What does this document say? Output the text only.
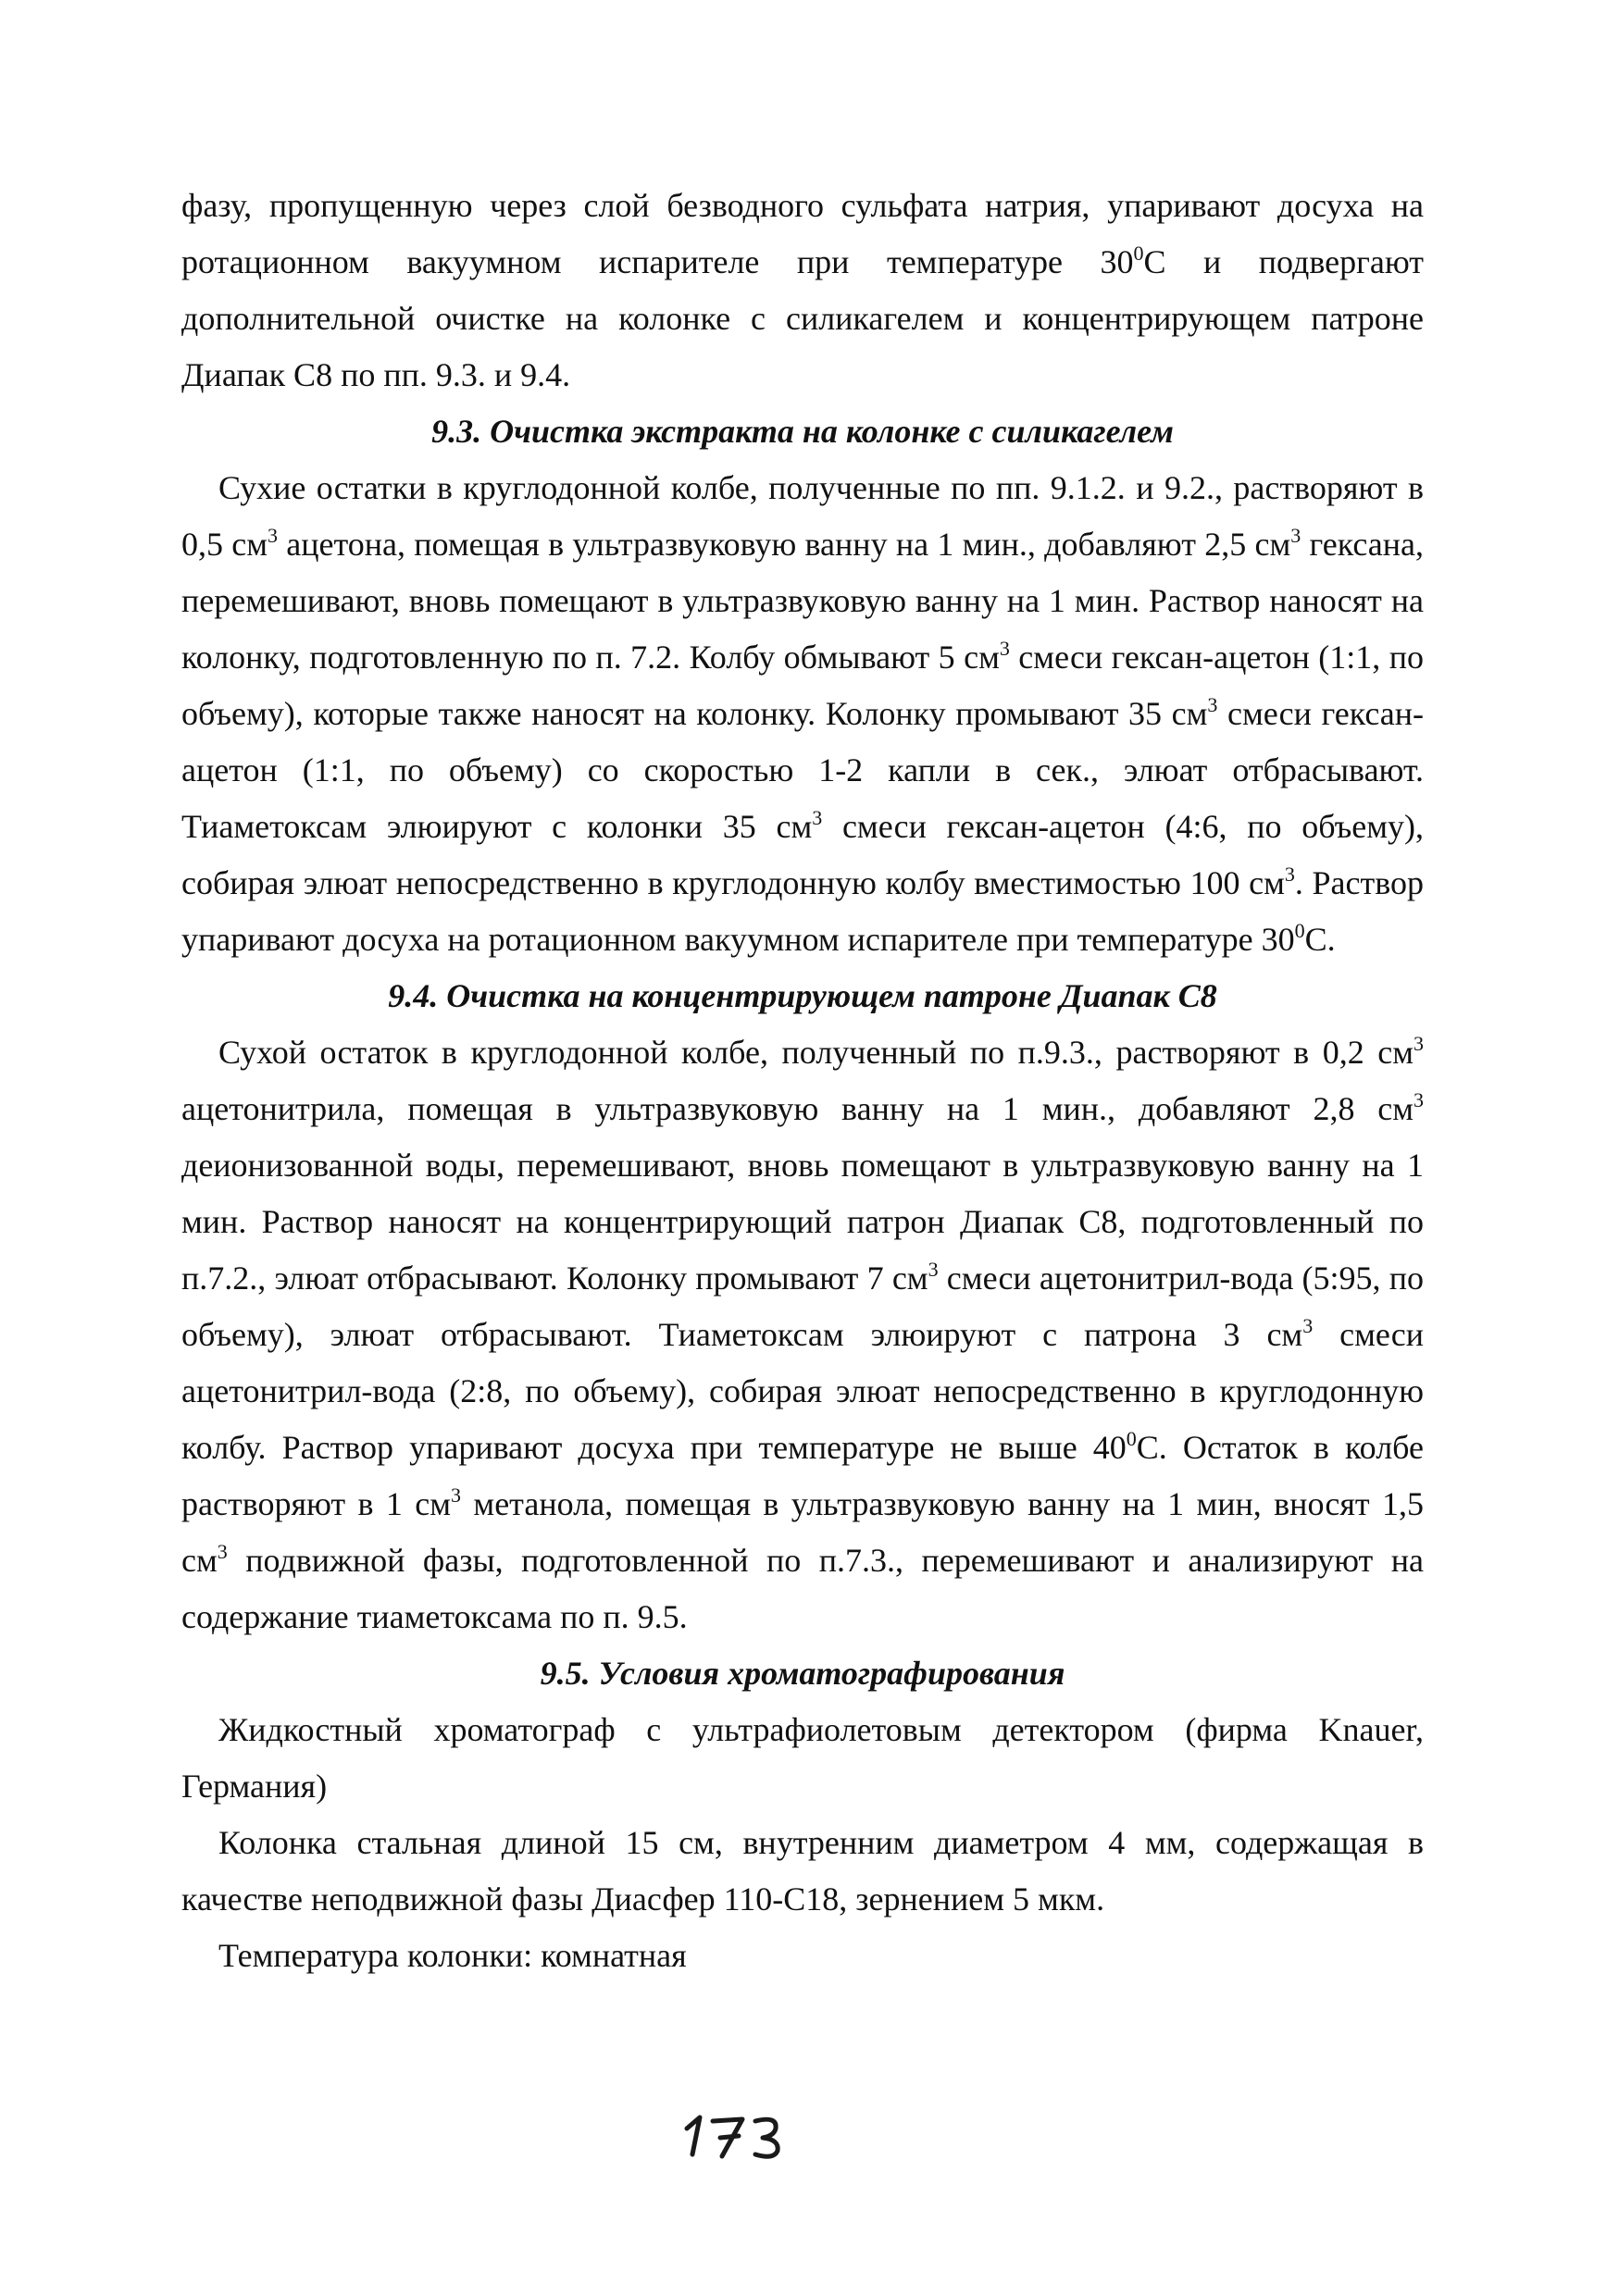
фазу, пропущенную через слой безводного сульфата натрия, упаривают досуха на ротационном вакуумном испарителе при температуре $30^0С$ и подвергают дополнительной очистке на колонке с силикагелем и концентрирующем патроне Диапак С8 по пп. 9.3. и 9.4.

9.3. Очистка экстракта на колонке с силикагелем

Сухие остатки в круглодонной колбе, полученные по пп. 9.1.2. и 9.2., растворяют в 0,5 $см^3$ ацетона, помещая в ультразвуковую ванну на 1 мин., добавляют 2,5 $см^3$ гексана, перемешивают, вновь помещают в ультразвуковую ванну на 1 мин. Раствор наносят на колонку, подготовленную по п. 7.2. Колбу обмывают 5 $см^3$ смеси гексан-ацетон (1:1, по объему), которые также наносят на колонку. Колонку промывают 35 $см^3$ смеси гексан-ацетон (1:1, по объему) со скоростью 1-2 капли в сек., элюат отбрасывают. Тиаметоксам элюируют с колонки 35 $см^3$ смеси гексан-ацетон (4:6, по объему), собирая элюат непосредственно в круглодонную колбу вместимостью 100 $см^3$. Раствор упаривают досуха на ротационном вакуумном испарителе при температуре $30^0С$.

9.4. Очистка на концентрирующем патроне Диапак С8

Сухой остаток в круглодонной колбе, полученный по п.9.3., растворяют в 0,2 $см^3$ ацетонитрила, помещая в ультразвуковую ванну на 1 мин., добавляют 2,8 $см^3$ деионизованной воды, перемешивают, вновь помещают в ультразвуковую ванну на 1 мин. Раствор наносят на концентрирующий патрон Диапак С8, подготовленный по п.7.2., элюат отбрасывают. Колонку промывают 7 $см^3$ смеси ацетонитрил-вода (5:95, по объему), элюат отбрасывают. Тиаметоксам элюируют с патрона 3 $см^3$ смеси ацетонитрил-вода (2:8, по объему), собирая элюат непосредственно в круглодонную колбу. Раствор упаривают досуха при температуре не выше $40^0С$. Остаток в колбе растворяют в 1 $см^3$ метанола, помещая в ультразвуковую ванну на 1 мин, вносят 1,5 $см^3$ подвижной фазы, подготовленной по п.7.3., перемешивают и анализируют на содержание тиаметоксама по п. 9.5.

9.5. Условия хроматографирования

Жидкостный хроматограф с ультрафиолетовым детектором (фирма Knauer, Германия)

Колонка стальная длиной 15 см, внутренним диаметром 4 мм, содержащая в качестве неподвижной фазы Диасфер 110-С18, зернением 5 мкм.

Температура колонки: комнатная
